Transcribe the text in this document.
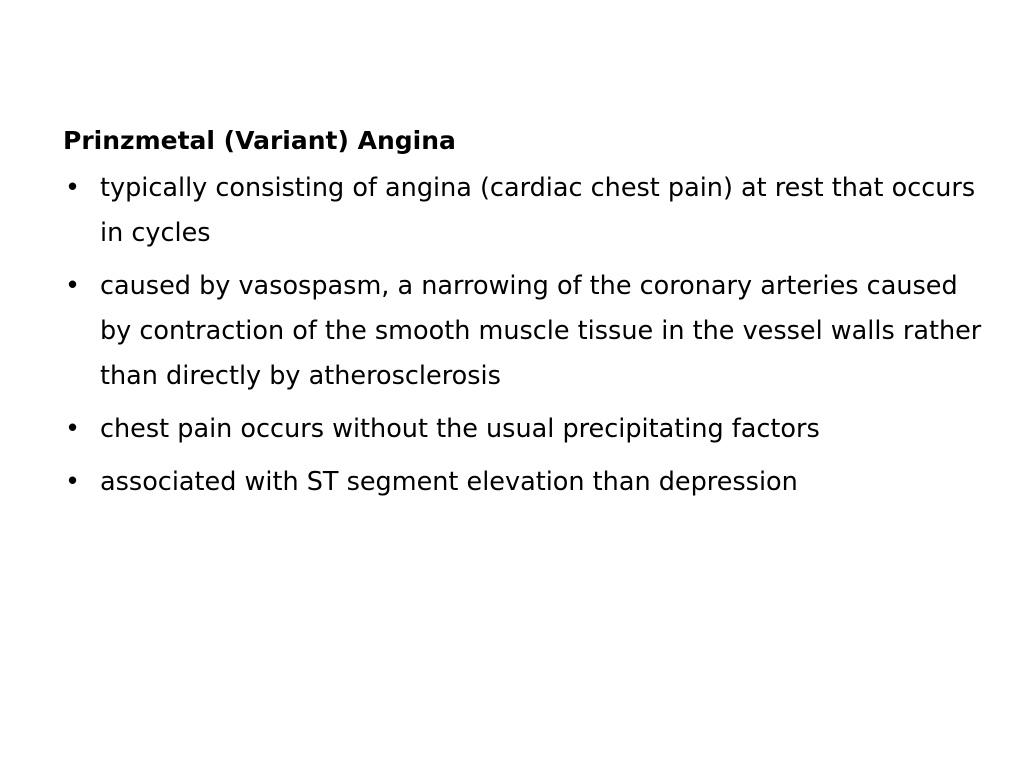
Prinzmetal (Variant) Angina
• typically consisting of angina (cardiac chest pain) at rest that occurs in cycles
• caused by vasospasm, a narrowing of the coronary arteries caused by contraction of the smooth muscle tissue in the vessel walls rather than directly by atherosclerosis
• chest pain occurs without the usual precipitating factors
• associated with ST segment elevation than depression
